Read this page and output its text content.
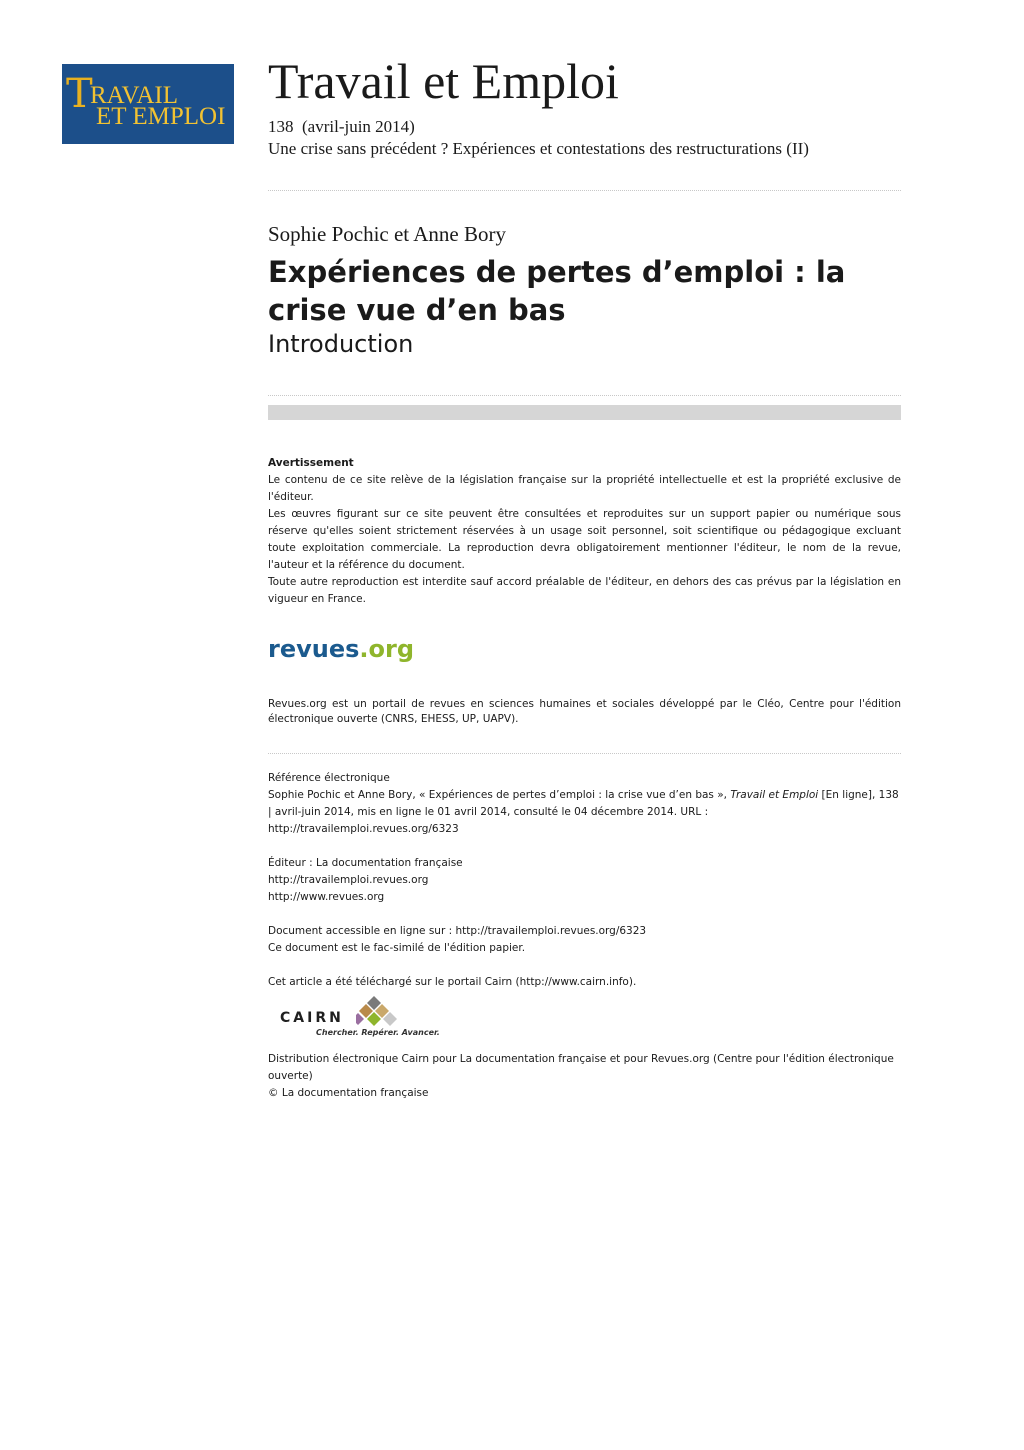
T
RAVAIL
ET EMPLOI
Travail et Emploi
138 (avril-juin 2014)
Une crise sans précédent ? Expériences et contestations des restructurations (II)
Sophie Pochic et Anne Bory
Expériences de pertes d’emploi : la crise vue d’en bas
Introduction
Avertissement

Le contenu de ce site relève de la législation française sur la propriété intellectuelle et est la propriété exclusive de l'éditeur.

Les œuvres figurant sur ce site peuvent être consultées et reproduites sur un support papier ou numérique sous réserve qu'elles soient strictement réservées à un usage soit personnel, soit scientifique ou pédagogique excluant toute exploitation commerciale. La reproduction devra obligatoirement mentionner l'éditeur, le nom de la revue, l'auteur et la référence du document.

Toute autre reproduction est interdite sauf accord préalable de l'éditeur, en dehors des cas prévus par la législation en vigueur en France.

revues.org
Revues.org est un portail de revues en sciences humaines et sociales développé par le Cléo, Centre pour l'édition électronique ouverte (CNRS, EHESS, UP, UAPV).

Référence électronique

Sophie Pochic et Anne Bory, « Expériences de pertes d’emploi : la crise vue d’en bas », Travail et Emploi [En ligne], 138 | avril-juin 2014, mis en ligne le 01 avril 2014, consulté le 04 décembre 2014. URL : http://travailemploi.revues.org/6323

Éditeur : La documentation française

http://travailemploi.revues.org

http://www.revues.org

Document accessible en ligne sur : http://travailemploi.revues.org/6323

Ce document est le fac-similé de l'édition papier.

Cet article a été téléchargé sur le portail Cairn (http://www.cairn.info).

CAIRN
Chercher. Repérer. Avancer.

Distribution électronique Cairn pour La documentation française et pour Revues.org (Centre pour l'édition électronique ouverte)

© La documentation française
